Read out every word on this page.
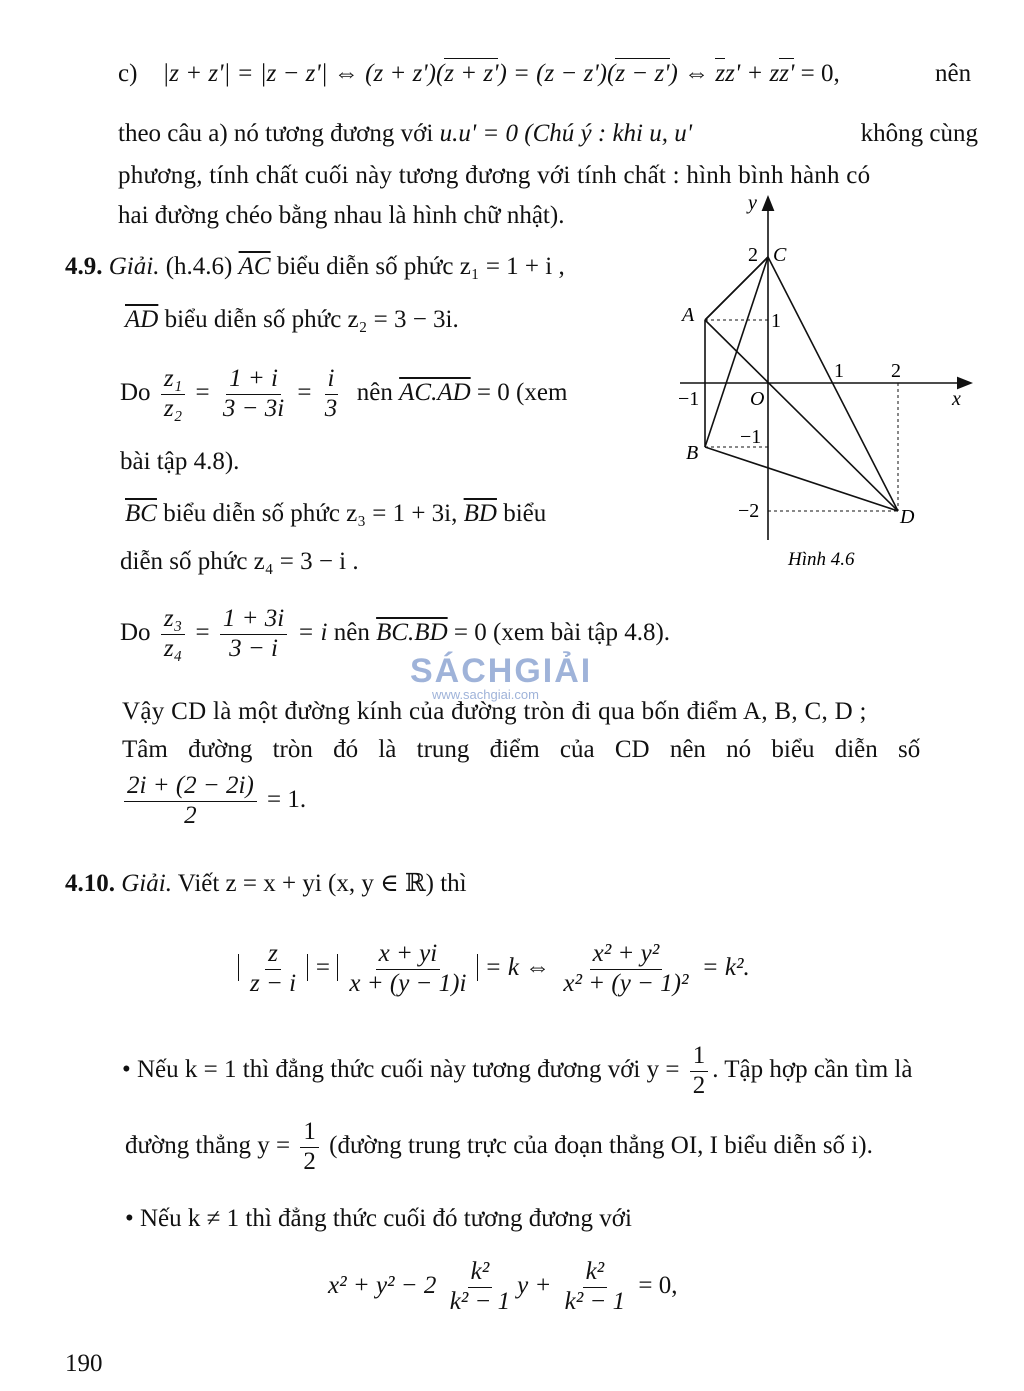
c) |z + z'| = |z − z'| ⇔ (z + z')(z + z') = (z − z')(z − z') ⇔ zz' + zz' = 0,	nên
theo câu a) nó tương đương với u.u' = 0 (Chú ý : khi u, u'	không cùng
phương, tính chất cuối này tương đương với tính chất : hình bình hành có
hai đường chéo bằng nhau là hình chữ nhật).
4.9. Giải. (h.4.6) $\overline{AC}$ biểu diễn số phức z₁ = 1 + i ,
$\overline{AD}$ biểu diễn số phức z₂ = 3 − 3i.
Do $\frac{\text{z₁}}{\text{z₂}} = \frac{1 + i}{3 - 3i} = \frac{i}{3}$ nên AC.AD = 0 (xem
bài tập 4.8).
$\overline{BC}$ biểu diễn số phức z₃ = 1 + 3i, $\overline{BD}$ biểu
diễn số phức z₄ = 3 − i .
Do $\frac{\text{z₃}}{\text{z₄}} = \frac{1 + 3i}{3 - i} = i$ nên BC.BD = 0 (xem bài tập 4.8).
Vậy CD là một đường kính của đường tròn đi qua bốn điểm A, B, C, D ;
Tâm đường tròn đó là trung điểm của CD nên nó biểu diễn số
$\frac{2i + (2 - 2i)}{2} = 1$.
y
x
2 C
A	1
1 2
−1	O
−1
B
−2	D
Hình 4.6
SÁCHGIẢI
www.sachgiai.com
4.10. Giải. Viết z = x + yi (x, y ∈ ℝ) thì
$\frac{z}{z - i} = \frac{x + yi}{x + (y - 1)i} = k$ ⇔ $\frac{\text{x² + y²}}{\text{x² + (y − 1)²}} = k^2$.
• Nếu k = 1 thì đẳng thức cuối này tương đương với $y = \frac{1}{2}$ . Tập hợp cần tìm là
đường thẳng $y = \frac{1}{2}$ (đường trung trực của đoạn thẳng OI, I biểu diễn số i).
• Nếu k ≠ 1 thì đẳng thức cuối đó tương đương với
$x^2 + y^2 - 2 \frac{\text{k²}}{\text{k² − 1}}$ $y + \frac{\text{k²}}{\text{k² − 1}} = 0$,
190
